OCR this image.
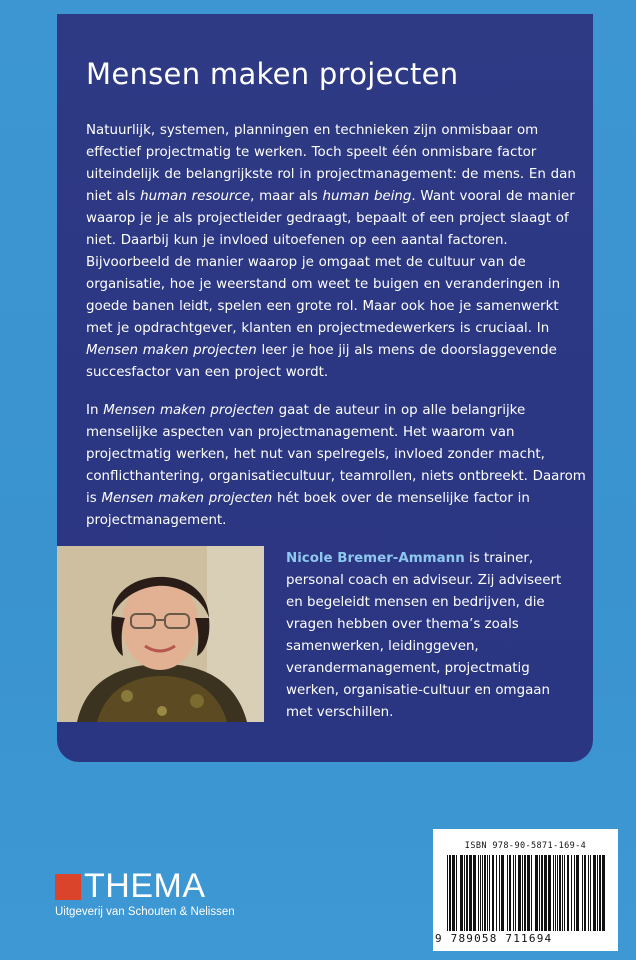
Mensen maken projecten

Natuurlijk, systemen, planningen en technieken zijn onmisbaar om effectief projectmatig te werken. Toch speelt één onmisbare factor uiteindelijk de belangrijkste rol in projectmanagement: de mens. En dan niet als human resource, maar als human being. Want vooral de manier waarop je je als projectleider gedraagt, bepaalt of een project slaagt of niet. Daarbij kun je invloed uitoefenen op een aantal factoren. Bijvoorbeeld de manier waarop je omgaat met de cultuur van de organisatie, hoe je weerstand om weet te buigen en veranderingen in goede banen leidt, spelen een grote rol. Maar ook hoe je samenwerkt met je opdrachtgever, klanten en projectmedewerkers is cruciaal. In Mensen maken projecten leer je hoe jij als mens de doorslaggevende succesfactor van een project wordt.

In Mensen maken projecten gaat de auteur in op alle belangrijke menselijke aspecten van projectmanagement. Het waarom van projectmatig werken, het nut van spelregels, invloed zonder macht, conflicthantering, organisatiecultuur, teamrollen, niets ontbreekt. Daarom is Mensen maken projecten hét boek over de menselijke factor in projectmanagement.

Nicole Bremer-Ammann is trainer, personal coach en adviseur. Zij adviseert en begeleidt mensen en bedrijven, die vragen hebben over thema’s zoals samenwerken, leidinggeven, verandermanagement, projectmatig werken, organisatie-cultuur en omgaan met verschillen.

ISBN 978-90-5871-169-4
9 789058 711694
THEMA
Uitgeverij van Schouten & Nelissen
